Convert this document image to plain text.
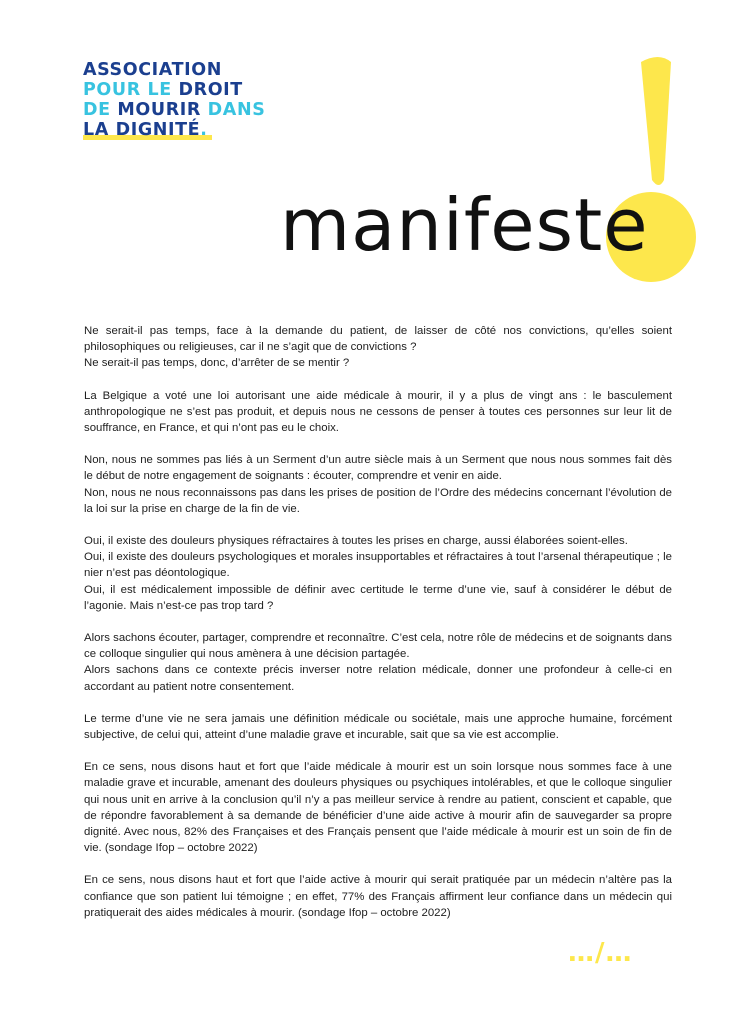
ASSOCIATION
POUR LE DROIT
DE MOURIR DANS
LA DIGNITÉ.
manifeste

Ne serait-il pas temps, face à la demande du patient, de laisser de côté nos convictions, qu’elles soient philosophiques ou religieuses, car il ne s’agit que de convictions ?
Ne serait-il pas temps, donc, d’arrêter de se mentir ?

La Belgique a voté une loi autorisant une aide médicale à mourir, il y a plus de vingt ans : le basculement anthropologique ne s’est pas produit, et depuis nous ne cessons de penser à toutes ces personnes sur leur lit de souffrance, en France, et qui n’ont pas eu le choix.

Non, nous ne sommes pas liés à un Serment d’un autre siècle mais à un Serment que nous nous sommes fait dès le début de notre engagement de soignants : écouter, comprendre et venir en aide.
Non, nous ne nous reconnaissons pas dans les prises de position de l’Ordre des médecins concernant l’évolution de la loi sur la prise en charge de la fin de vie.

Oui, il existe des douleurs physiques réfractaires à toutes les prises en charge, aussi élaborées soient-elles.
Oui, il existe des douleurs psychologiques et morales insupportables et réfractaires à tout l’arsenal thérapeutique ; le nier n’est pas déontologique.
Oui, il est médicalement impossible de définir avec certitude le terme d’une vie, sauf à considérer le début de l’agonie. Mais n’est-ce pas trop tard ?

Alors sachons écouter, partager, comprendre et reconnaître. C’est cela, notre rôle de médecins et de soignants dans ce colloque singulier qui nous amènera à une décision partagée.
Alors sachons dans ce contexte précis inverser notre relation médicale, donner une profondeur à celle-ci en accordant au patient notre consentement.

Le terme d’une vie ne sera jamais une définition médicale ou sociétale, mais une approche humaine, forcément subjective, de celui qui, atteint d’une maladie grave et incurable, sait que sa vie est accomplie.

En ce sens, nous disons haut et fort que l’aide médicale à mourir est un soin lorsque nous sommes face à une maladie grave et incurable, amenant des douleurs physiques ou psychiques intolérables, et que le colloque singulier qui nous unit en arrive à la conclusion qu’il n’y a pas meilleur service à rendre au patient, conscient et capable, que de répondre favorablement à sa demande de bénéficier d’une aide active à mourir afin de sauvegarder sa propre dignité. Avec nous, 82% des Françaises et des Français pensent que l’aide médicale à mourir est un soin de fin de vie. (sondage Ifop – octobre 2022)

En ce sens, nous disons haut et fort que l’aide active à mourir qui serait pratiquée par un médecin n’altère pas la confiance que son patient lui témoigne ; en effet, 77% des Français affirment leur confiance dans un médecin qui pratiquerait des aides médicales à mourir. (sondage Ifop – octobre 2022)

…/…
